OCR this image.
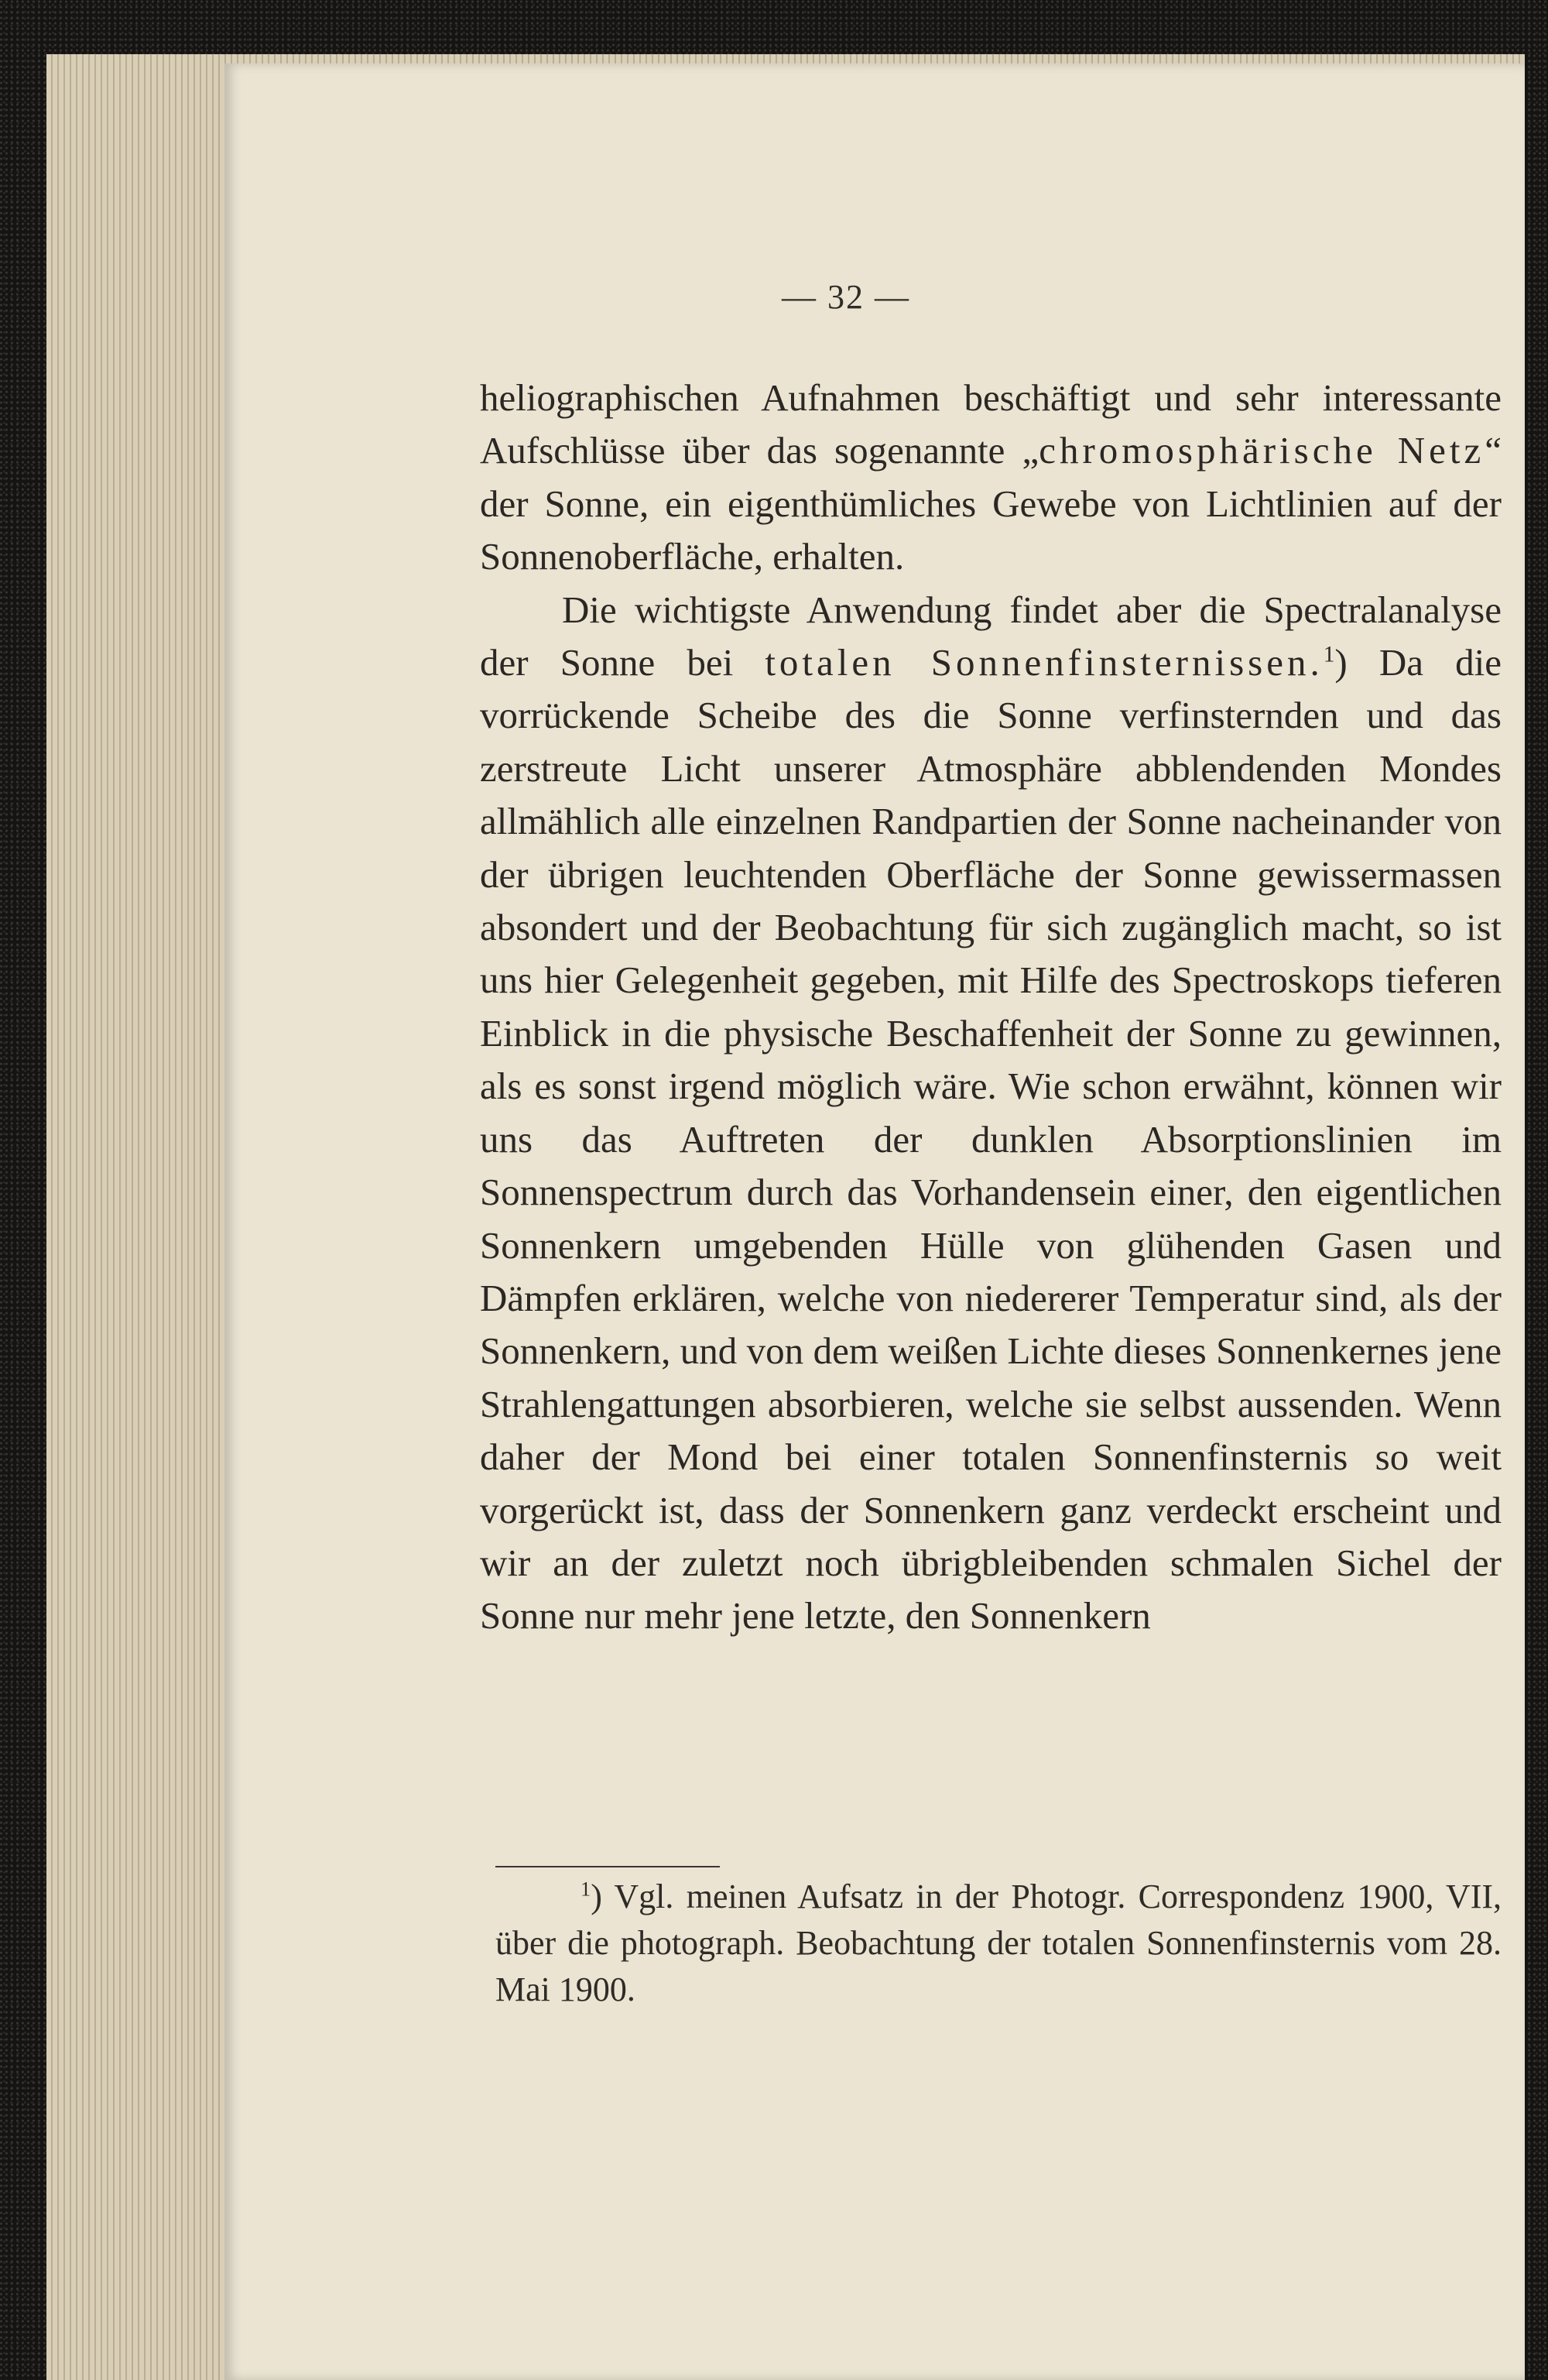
— 32 —

heliographischen Aufnahmen beschäftigt und sehr interessante Aufschlüsse über das sogenannte „chromosphärische Netz“ der Sonne, ein eigenthümliches Gewebe von Lichtlinien auf der Sonnenoberfläche, erhalten.

Die wichtigste Anwendung findet aber die Spectralanalyse der Sonne bei totalen Sonnenfinsternissen.$^1$) Da die vorrückende Scheibe des die Sonne verfinsternden und das zerstreute Licht unserer Atmosphäre abblendenden Mondes allmählich alle einzelnen Randpartien der Sonne nacheinander von der übrigen leuchtenden Oberfläche der Sonne gewissermassen absondert und der Beobachtung für sich zugänglich macht, so ist uns hier Gelegenheit gegeben, mit Hilfe des Spectroskops tieferen Einblick in die physische Beschaffenheit der Sonne zu gewinnen, als es sonst irgend möglich wäre. Wie schon erwähnt, können wir uns das Auftreten der dunklen Absorptionslinien im Sonnenspectrum durch das Vorhandensein einer, den eigentlichen Sonnenkern umgebenden Hülle von glühenden Gasen und Dämpfen erklären, welche von niedererer Temperatur sind, als der Sonnenkern, und von dem weißen Lichte dieses Sonnenkernes jene Strahlengattungen absorbieren, welche sie selbst aussenden. Wenn daher der Mond bei einer totalen Sonnenfinsternis so weit vorgerückt ist, dass der Sonnenkern ganz verdeckt erscheint und wir an der zuletzt noch übrigbleibenden schmalen Sichel der Sonne nur mehr jene letzte, den Sonnenkern

$^1$) Vgl. meinen Aufsatz in der Photogr. Correspondenz 1900, VII, über die photograph. Beobachtung der totalen Sonnenfinsternis vom 28. Mai 1900.
